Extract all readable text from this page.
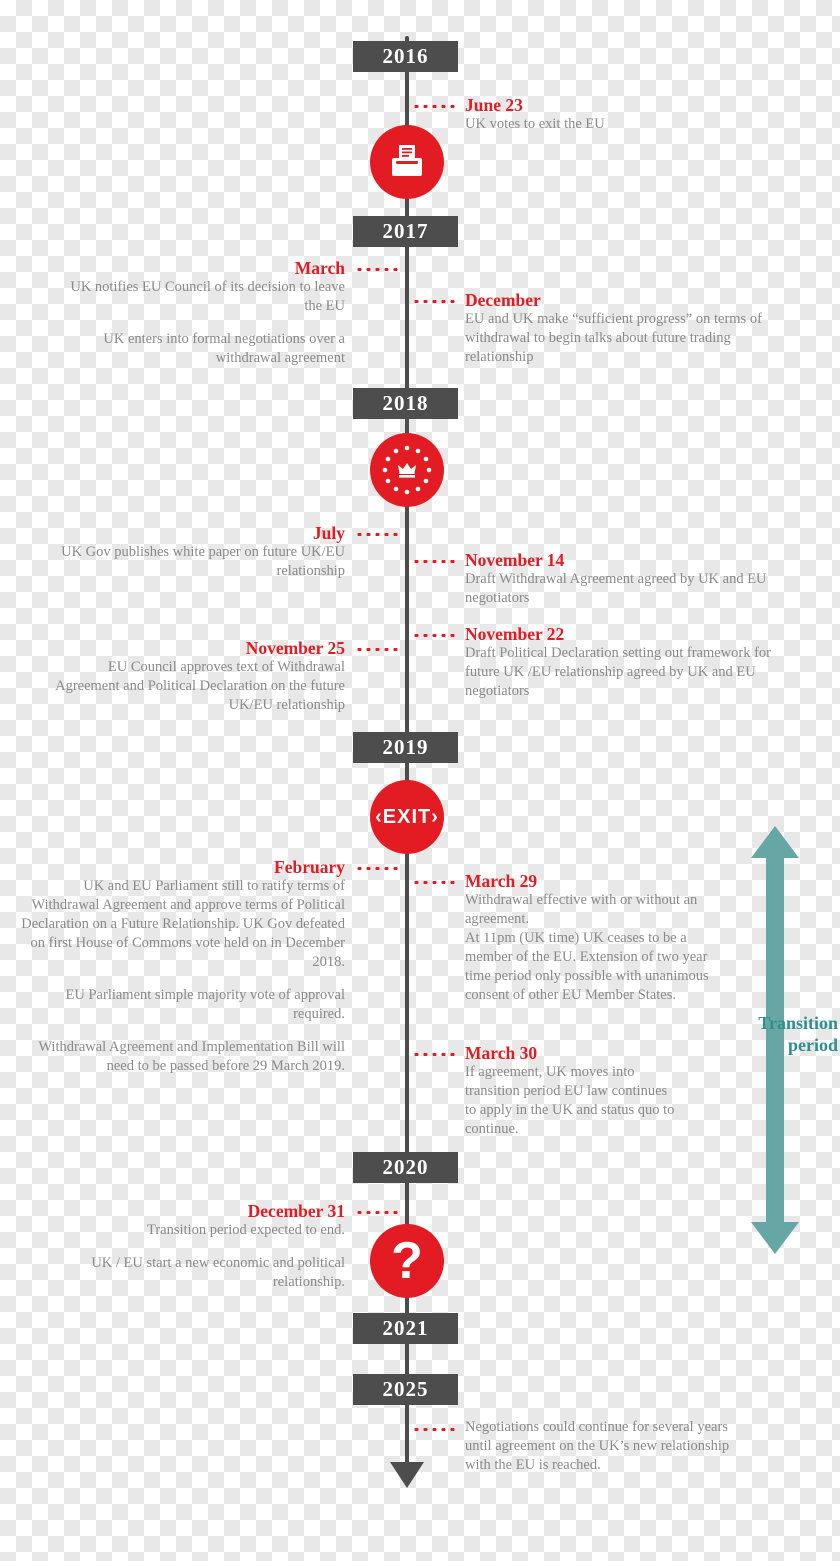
2016
2017
2018
2019
2020
2021
2025
‹EXIT›
?
June 23

UK votes to exit the EU

March

UK notifies EU Council of its decision to leave the EU

UK enters into formal negotiations over a withdrawal agreement

December

EU and UK make “sufficient progress” on terms of withdrawal to begin talks about future trading relationship

July

UK Gov publishes white paper on future UK/EU relationship

November 14

Draft Withdrawal Agreement agreed by UK and EU negotiators

November 25

EU Council approves text of Withdrawal Agreement and Political Declaration on the future UK/EU relationship

November 22

Draft Political Declaration setting out framework for future UK /EU relationship agreed by UK and EU negotiators

February

UK and EU Parliament still to ratify terms of Withdrawal Agreement and approve terms of Political Declaration on a Future Relationship. UK Gov defeated on first House of Commons vote held on in December 2018.

EU Parliament simple majority vote of approval required.

Withdrawal Agreement and Implementation Bill will need to be passed before 29 March 2019.

March 29

Withdrawal effective with or without an agreement.

At 11pm (UK time) UK ceases to be a member of the EU. Extension of two year time period only possible with unanimous consent of other EU Member States.

March 30

If agreement, UK moves into transition period EU law continues to apply in the UK and status quo to continue.

December 31

Transition period expected to end.

UK / EU start a new economic and political relationship.

Negotiations could continue for several years until agreement on the UK’s new relationship with the EU is reached.

Transition period
